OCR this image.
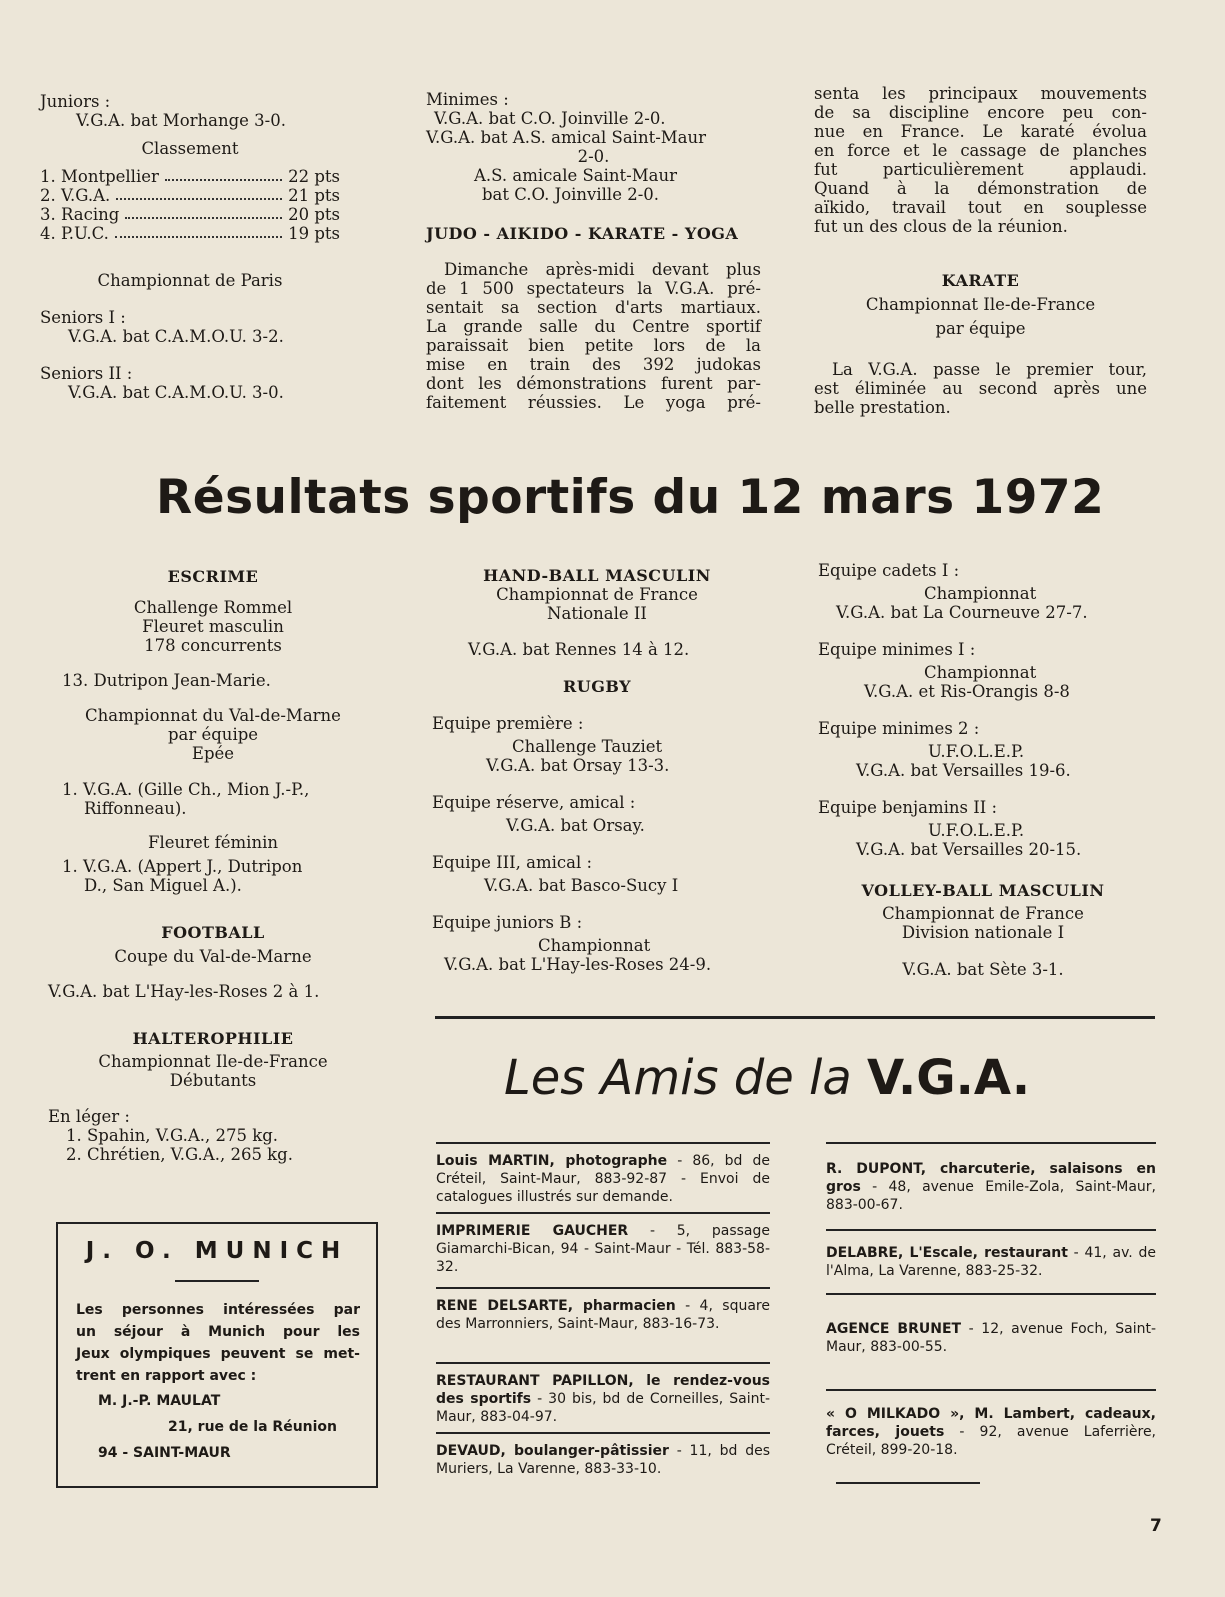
Juniors :

V.G.A. bat Morhange 3-0.

Classement

1. Montpellier	22 pts
2. V.G.A.	21 pts
3. Racing	20 pts
4. P.U.C.	19 pts

Championnat de Paris

Seniors I :

V.G.A. bat C.A.M.O.U. 3-2.

Seniors II :

V.G.A. bat C.A.M.O.U. 3-0.

Minimes :

V.G.A. bat C.O. Joinville 2-0.

V.G.A. bat A.S. amical Saint-Maur

2-0.

A.S. amicale Saint-Maur

bat C.O. Joinville 2-0.

JUDO - AIKIDO - KARATE - YOGA

Dimanche après-midi devant plus

de 1 500 spectateurs la V.G.A. pré-

sentait sa section d'arts martiaux.

La grande salle du Centre sportif

paraissait bien petite lors de la

mise en train des 392 judokas

dont les démonstrations furent par-

faitement réussies. Le yoga pré-

senta les principaux mouvements

de sa discipline encore peu con-

nue en France. Le karaté évolua

en force et le cassage de planches

fut particulièrement applaudi.

Quand à la démonstration de

aïkido, travail tout en souplesse

fut un des clous de la réunion.

KARATE

Championnat Ile-de-France

par équipe

La V.G.A. passe le premier tour,

est éliminée au second après une

belle prestation.

Résultats sportifs du 12 mars 1972

ESCRIME

Challenge Rommel

Fleuret masculin

178 concurrents

13. Dutripon Jean-Marie.

Championnat du Val-de-Marne

par équipe

Epée

1. V.G.A. (Gille Ch., Mion J.-P.,

Riffonneau).

Fleuret féminin

1. V.G.A. (Appert J., Dutripon

D., San Miguel A.).

FOOTBALL

Coupe du Val-de-Marne

V.G.A. bat L'Hay-les-Roses 2 à 1.

HALTEROPHILIE

Championnat Ile-de-France

Débutants

En léger :

1. Spahin, V.G.A., 275 kg.

2. Chrétien, V.G.A., 265 kg.

J. O. MUNICH

Les personnes intéressées par

un séjour à Munich pour les

Jeux olympiques peuvent se met-

trent en rapport avec :

M. J.-P. MAULAT

21, rue de la Réunion

94 - SAINT-MAUR

HAND-BALL MASCULIN

Championnat de France

Nationale II

V.G.A. bat Rennes 14 à 12.

RUGBY

Equipe première :

Challenge Tauziet

V.G.A. bat Orsay 13-3.

Equipe réserve, amical :

V.G.A. bat Orsay.

Equipe III, amical :

V.G.A. bat Basco-Sucy I

Equipe juniors B :

Championnat

V.G.A. bat L'Hay-les-Roses 24-9.

Equipe cadets I :

Championnat

V.G.A. bat La Courneuve 27-7.

Equipe minimes I :

Championnat

V.G.A. et Ris-Orangis 8-8

Equipe minimes 2 :

U.F.O.L.E.P.

V.G.A. bat Versailles 19-6.

Equipe benjamins II :

U.F.O.L.E.P.

V.G.A. bat Versailles 20-15.

VOLLEY-BALL MASCULIN

Championnat de France

Division nationale I

V.G.A. bat Sète 3-1.

Les Amis de la V.G.A.
Louis MARTIN, photographe - 86, bd de Créteil, Saint-Maur, 883-92-87 - Envoi de catalogues illustrés sur demande.
IMPRIMERIE GAUCHER - 5, passage Giamarchi-Bican, 94 - Saint-Maur - Tél. 883-58-32.
RENE DELSARTE, pharmacien - 4, square des Marronniers, Saint-Maur, 883-16-73.
RESTAURANT PAPILLON, le rendez-vous des sportifs - 30 bis, bd de Corneilles, Saint-Maur, 883-04-97.
DEVAUD, boulanger-pâtissier - 11, bd des Muriers, La Varenne, 883-33-10.
R. DUPONT, charcuterie, salaisons en gros - 48, avenue Emile-Zola, Saint-Maur, 883-00-67.
DELABRE, L'Escale, restaurant - 41, av. de l'Alma, La Varenne, 883-25-32.
AGENCE BRUNET - 12, avenue Foch, Saint-Maur, 883-00-55.
« O MILKADO », M. Lambert, cadeaux, farces, jouets - 92, avenue Laferrière, Créteil, 899-20-18.
7
